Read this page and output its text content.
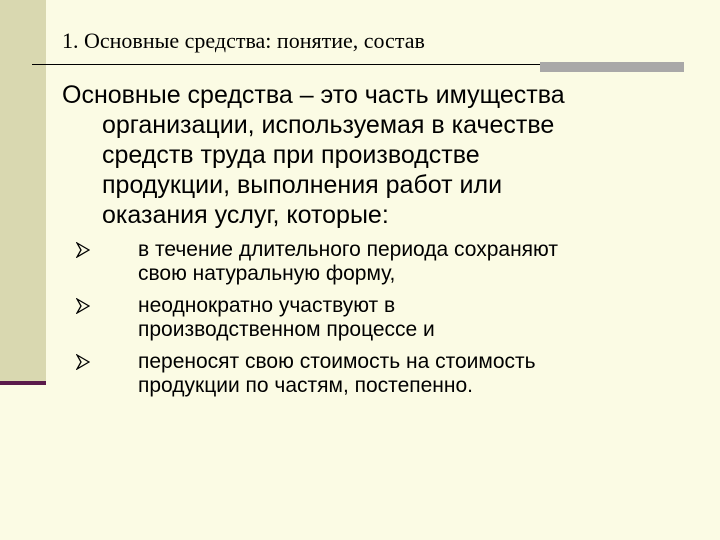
1. Основные средства: понятие, состав
Основные средства – это часть имущества
организации, используемая в качестве
средств труда при производстве
продукции, выполнения работ или
оказания услуг, которые:
в течение длительного периода сохраняют
свою натуральную форму,
неоднократно участвуют в
производственном процессе и
переносят свою стоимость на стоимость
продукции по частям, постепенно.
